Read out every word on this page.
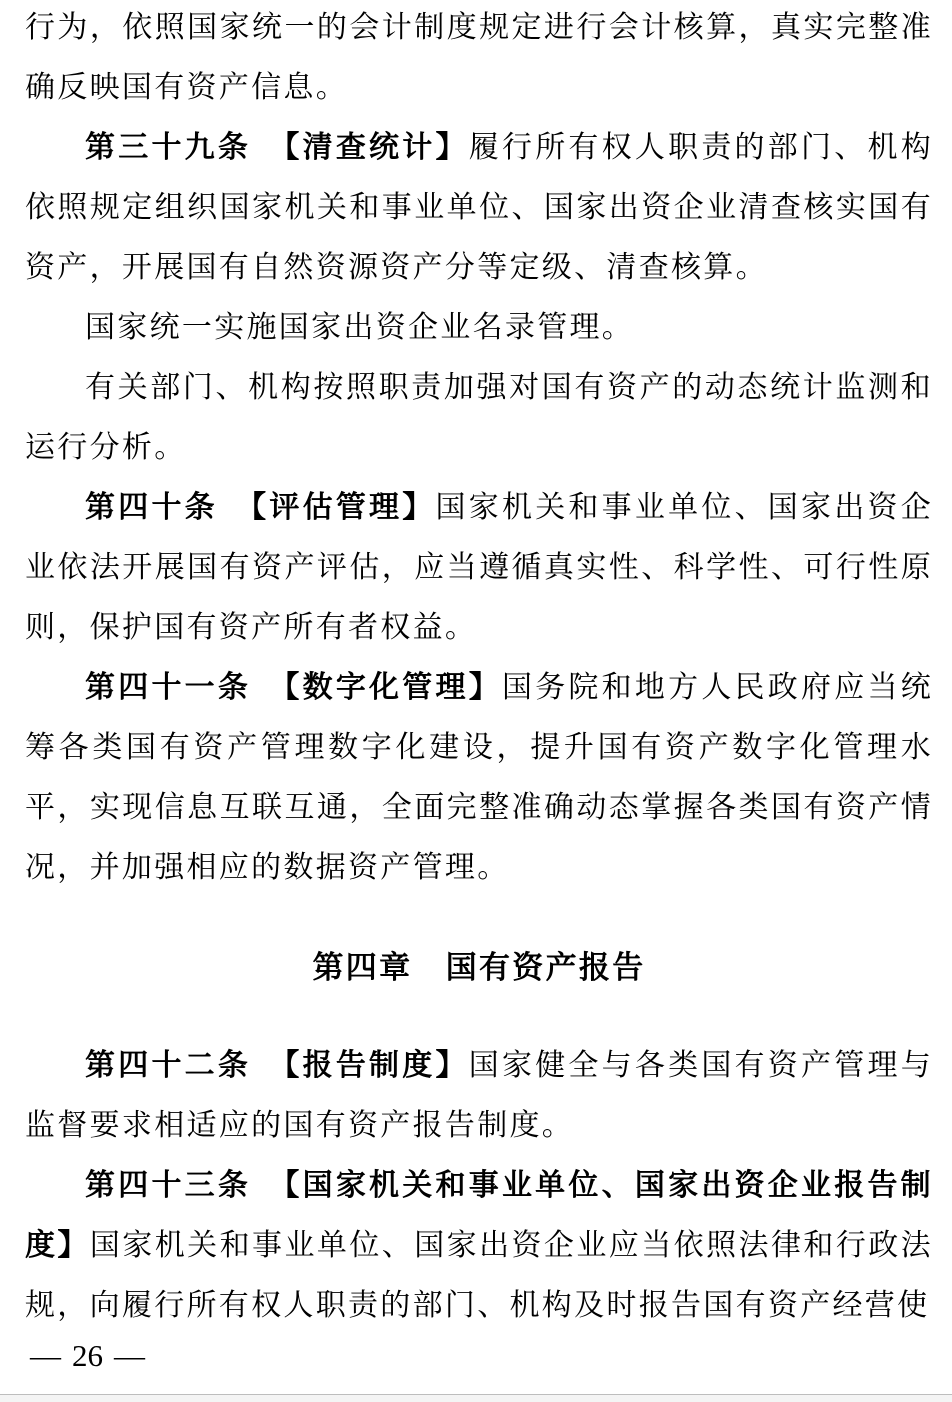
行为，依照国家统一的会计制度规定进行会计核算，真实完整准确反映国有资产信息。

第三十九条　【清查统计】履行所有权人职责的部门、机构依照规定组织国家机关和事业单位、国家出资企业清查核实国有资产，开展国有自然资源资产分等定级、清查核算。

国家统一实施国家出资企业名录管理。

有关部门、机构按照职责加强对国有资产的动态统计监测和运行分析。

第四十条　【评估管理】国家机关和事业单位、国家出资企业依法开展国有资产评估，应当遵循真实性、科学性、可行性原则，保护国有资产所有者权益。

第四十一条　【数字化管理】国务院和地方人民政府应当统筹各类国有资产管理数字化建设，提升国有资产数字化管理水平，实现信息互联互通，全面完整准确动态掌握各类国有资产情况，并加强相应的数据资产管理。

第四章　国有资产报告

第四十二条　【报告制度】国家健全与各类国有资产管理与监督要求相适应的国有资产报告制度。

第四十三条　【国家机关和事业单位、国家出资企业报告制度】国家机关和事业单位、国家出资企业应当依照法律和行政法规，向履行所有权人职责的部门、机构及时报告国有资产经营使

— 26 —
